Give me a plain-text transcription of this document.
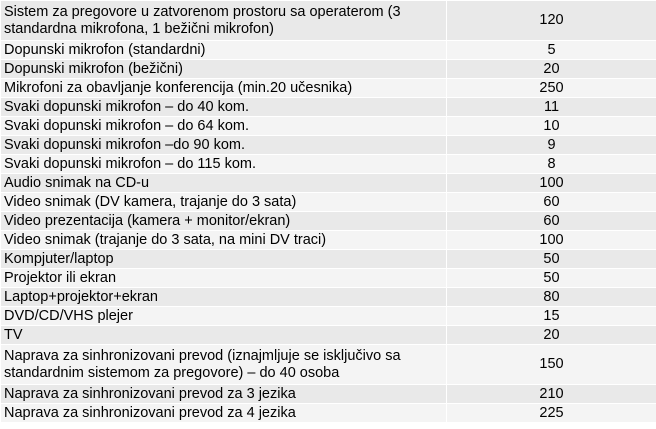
Sistem za pregovore u zatvorenom prostoru sa operaterom (3 standardna mikrofona, 1 bežični mikrofon)	120
Dopunski mikrofon (standardni)	5
Dopunski mikrofon (bežični)	20
Mikrofoni za obavljanje konferencija (min.20 učesnika)	250
Svaki dopunski mikrofon – do 40 kom.	11
Svaki dopunski mikrofon – do 64 kom.	10
Svaki dopunski mikrofon –do 90 kom.	9
Svaki dopunski mikrofon – do 115 kom.	8
Audio snimak na CD-u	100
Video snimak (DV kamera, trajanje do 3 sata)	60
Video prezentacija (kamera + monitor/ekran)	60
Video snimak (trajanje do 3 sata, na mini DV traci)	100
Kompjuter/laptop	50
Projektor ili ekran	50
Laptop+projektor+ekran	80
DVD/CD/VHS plejer	15
TV	20
Naprava za sinhronizovani prevod (iznajmljuje se isključivo sa standardnim sistemom za pregovore) – do 40 osoba	150
Naprava za sinhronizovani prevod za 3 jezika	210
Naprava za sinhronizovani prevod za 4 jezika	225
